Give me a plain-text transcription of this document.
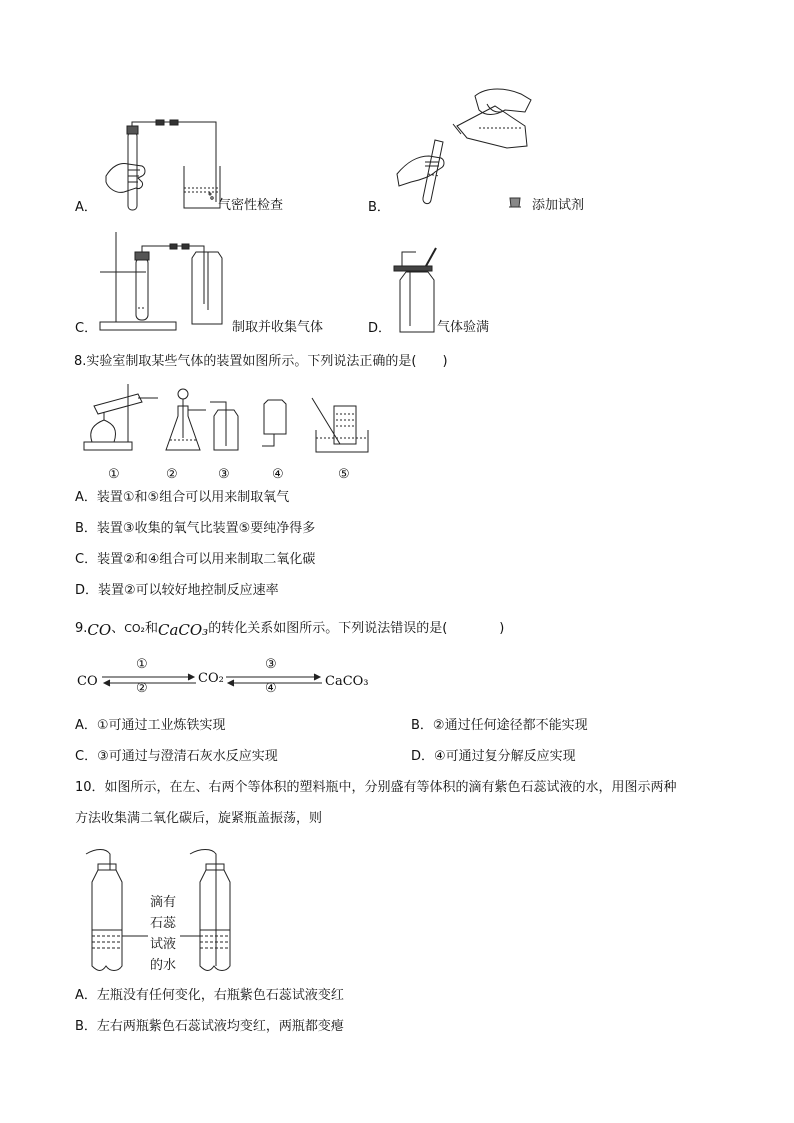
A．	气密性检查	B．	添加试剂
C．	制取并收集气体	D．	气体验满
8.实验室制取某些气体的装置如图所示。下列说法正确的是(　　)
①	②	③	④	⑤
A．装置①和⑤组合可以用来制取氧气
B．装置③收集的氧气比装置⑤要纯净得多
C．装置②和④组合可以用来制取二氧化碳
D．装置②可以较好地控制反应速率
9.CO、CO₂和CaCO₃的转化关系如图所示。下列说法错误的是(　　　　)
CO	CO₂	CaCO₃
①
②
③
④
A．①可通过工业炼铁实现	B．②通过任何途径都不能实现
C．③可通过与澄清石灰水反应实现	D．④可通过复分解反应实现
10．如图所示，在左、右两个等体积的塑料瓶中，分别盛有等体积的滴有紫色石蕊试液的水，用图示两种
方法收集满二氧化碳后，旋紧瓶盖振荡，则
滴有
石蕊
试液
的水
A．左瓶没有任何变化，右瓶紫色石蕊试液变红
B．左右两瓶紫色石蕊试液均变红，两瓶都变瘪
